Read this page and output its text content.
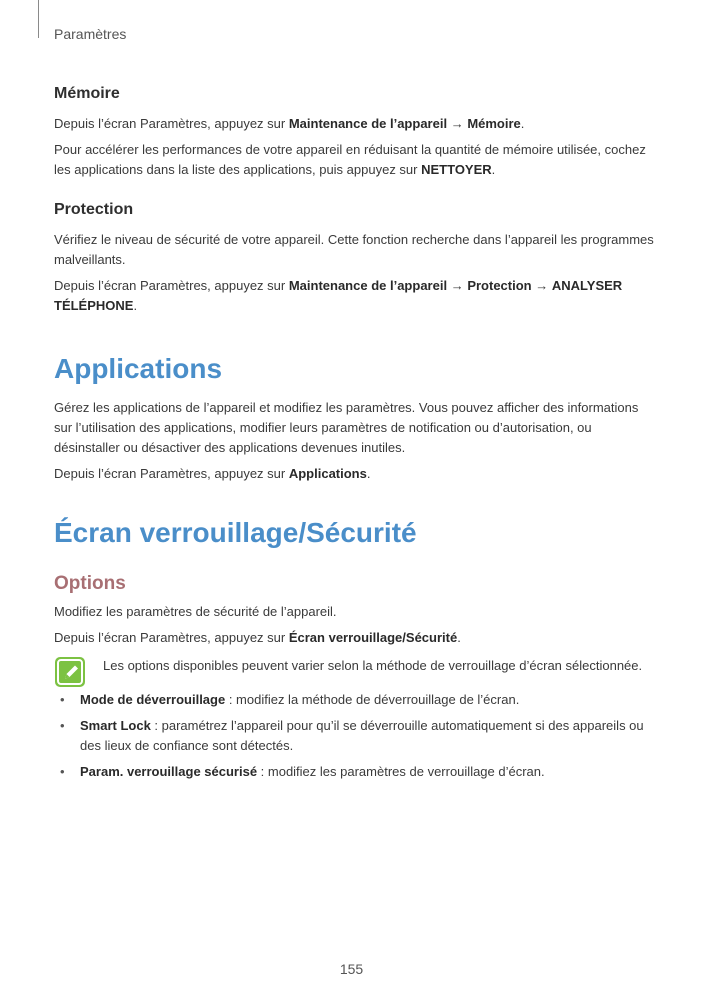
Paramètres
Mémoire

Depuis l’écran Paramètres, appuyez sur Maintenance de l’appareil → Mémoire.

Pour accélérer les performances de votre appareil en réduisant la quantité de mémoire utilisée, cochez les applications dans la liste des applications, puis appuyez sur NETTOYER.

Protection

Vérifiez le niveau de sécurité de votre appareil. Cette fonction recherche dans l’appareil les programmes malveillants.

Depuis l’écran Paramètres, appuyez sur Maintenance de l’appareil → Protection → ANALYSER TÉLÉPHONE.

Applications

Gérez les applications de l’appareil et modifiez les paramètres. Vous pouvez afficher des informations sur l’utilisation des applications, modifier leurs paramètres de notification ou d’autorisation, ou désinstaller ou désactiver des applications devenues inutiles.

Depuis l’écran Paramètres, appuyez sur Applications.

Écran verrouillage/Sécurité
Options

Modifiez les paramètres de sécurité de l’appareil.

Depuis l’écran Paramètres, appuyez sur Écran verrouillage/Sécurité.

Les options disponibles peuvent varier selon la méthode de verrouillage d’écran sélectionnée.

• Mode de déverrouillage : modifiez la méthode de déverrouillage de l’écran.
• Smart Lock : paramétrez l’appareil pour qu’il se déverrouille automatiquement si des appareils ou des lieux de confiance sont détectés.
• Param. verrouillage sécurisé : modifiez les paramètres de verrouillage d’écran.
155
